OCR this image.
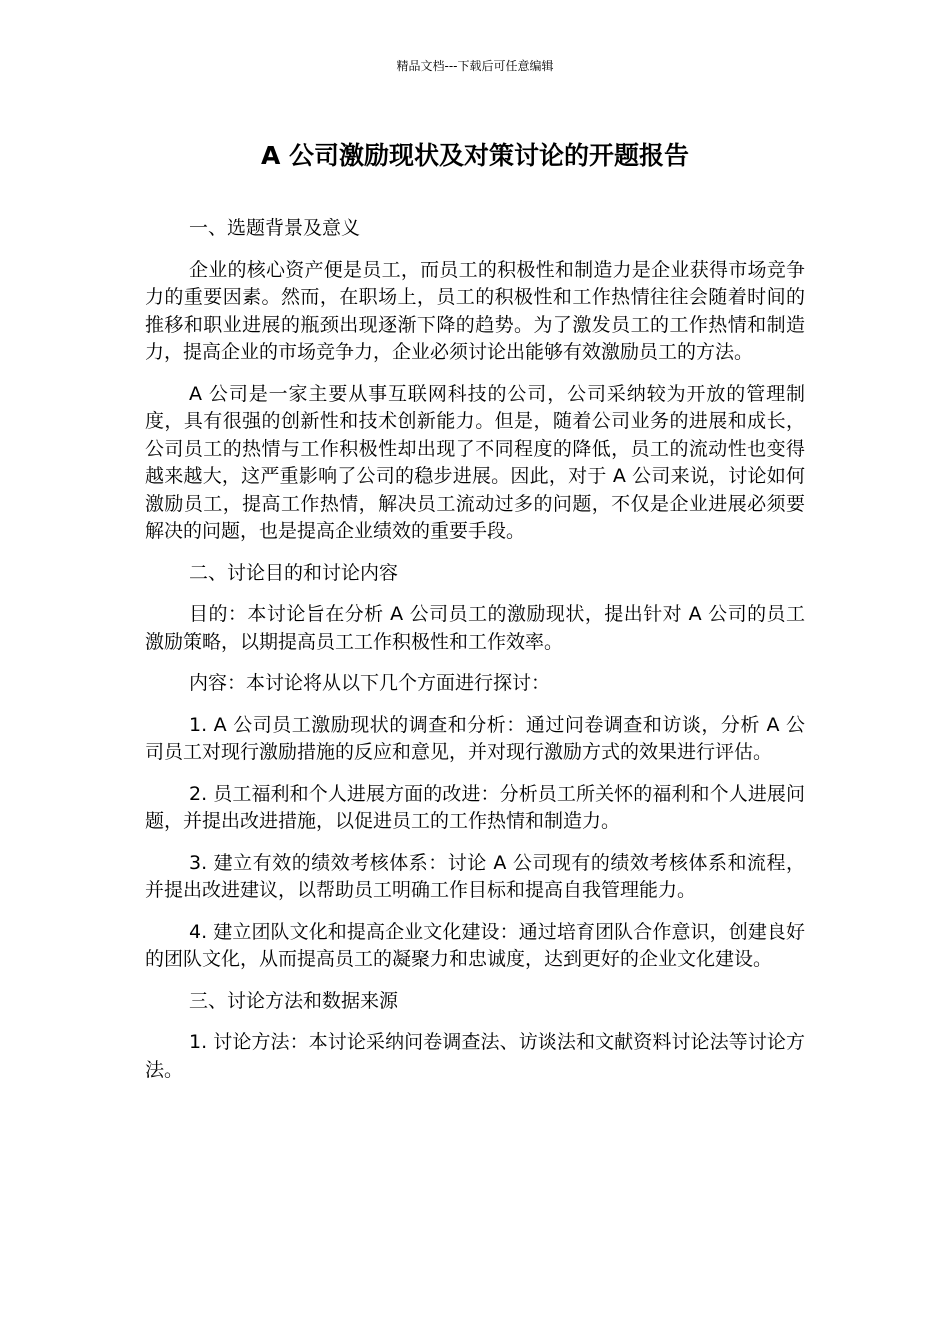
精品文档---下载后可任意编辑
A 公司激励现状及对策讨论的开题报告

一、选题背景及意义

企业的核心资产便是员工，而员工的积极性和制造力是企业获得市场竞争力的重要因素。然而，在职场上，员工的积极性和工作热情往往会随着时间的推移和职业进展的瓶颈出现逐渐下降的趋势。为了激发员工的工作热情和制造力，提高企业的市场竞争力，企业必须讨论出能够有效激励员工的方法。

A 公司是一家主要从事互联网科技的公司，公司采纳较为开放的管理制度，具有很强的创新性和技术创新能力。但是，随着公司业务的进展和成长，公司员工的热情与工作积极性却出现了不同程度的降低，员工的流动性也变得越来越大，这严重影响了公司的稳步进展。因此，对于 A 公司来说，讨论如何激励员工，提高工作热情，解决员工流动过多的问题，不仅是企业进展必须要解决的问题，也是提高企业绩效的重要手段。

二、讨论目的和讨论内容

目的：本讨论旨在分析 A 公司员工的激励现状，提出针对 A 公司的员工激励策略，以期提高员工工作积极性和工作效率。

内容：本讨论将从以下几个方面进行探讨：

1. A 公司员工激励现状的调查和分析：通过问卷调查和访谈，分析 A 公司员工对现行激励措施的反应和意见，并对现行激励方式的效果进行评估。

2. 员工福利和个人进展方面的改进：分析员工所关怀的福利和个人进展问题，并提出改进措施，以促进员工的工作热情和制造力。

3. 建立有效的绩效考核体系：讨论 A 公司现有的绩效考核体系和流程，并提出改进建议，以帮助员工明确工作目标和提高自我管理能力。

4. 建立团队文化和提高企业文化建设：通过培育团队合作意识，创建良好的团队文化，从而提高员工的凝聚力和忠诚度，达到更好的企业文化建设。

三、讨论方法和数据来源

1. 讨论方法：本讨论采纳问卷调查法、访谈法和文献资料讨论法等讨论方法。
